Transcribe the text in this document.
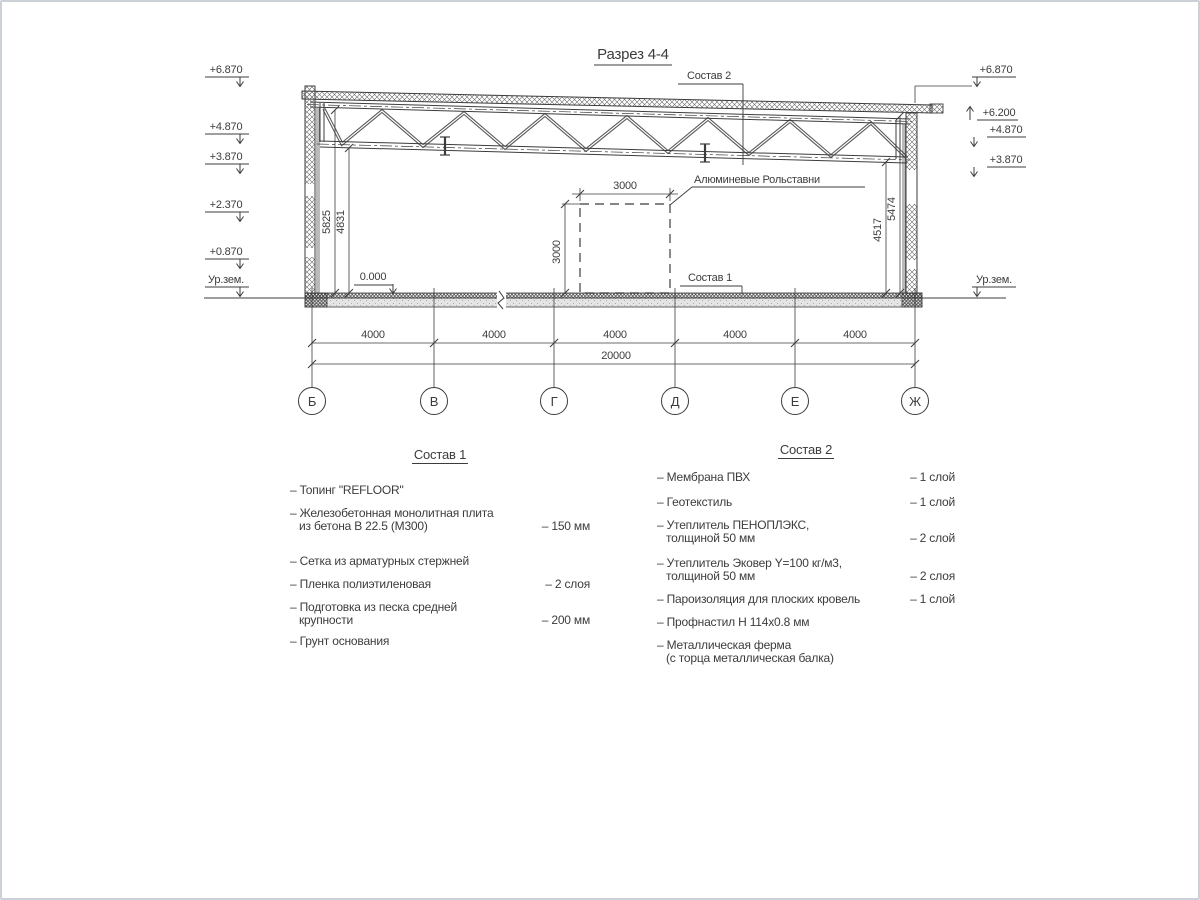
Разрез 4-4
3000
3000
Состав 2
Состав 1
Алюминевые Рольставни
0.000
+6.870
+4.870
+3.870
+2.370
+0.870
Ур.зем.
+6.870
+6.200
+4.870
+3.870
Ур.зем.
5825 4831	4517
5474
4000	4000	4000	4000	4000
20000
Б	В	Г	Д	Е	Ж
Состав 1
– Топинг "REFLOOR"
– Железобетонная монолитная плита
из бетона В 22.5 (М300)	– 150 мм
– Сетка из арматурных стержней
– Пленка полиэтиленовая	– 2 слоя
– Подготовка из песка средней
крупности	– 200 мм
– Грунт основания
Состав 2
– Мембрана ПВХ	– 1 слой
– Геотекстиль	– 1 слой
– Утеплитель ПЕНОПЛЭКС,
толщиной 50 мм	– 2 слой
– Утеплитель Эковер Y=100 кг/м3,
толщиной 50 мм	– 2 слоя
– Пароизоляция для плоских кровель	– 1 слой
– Профнастил Н 114х0.8 мм
– Металлическая ферма
(с торца металлическая балка)
